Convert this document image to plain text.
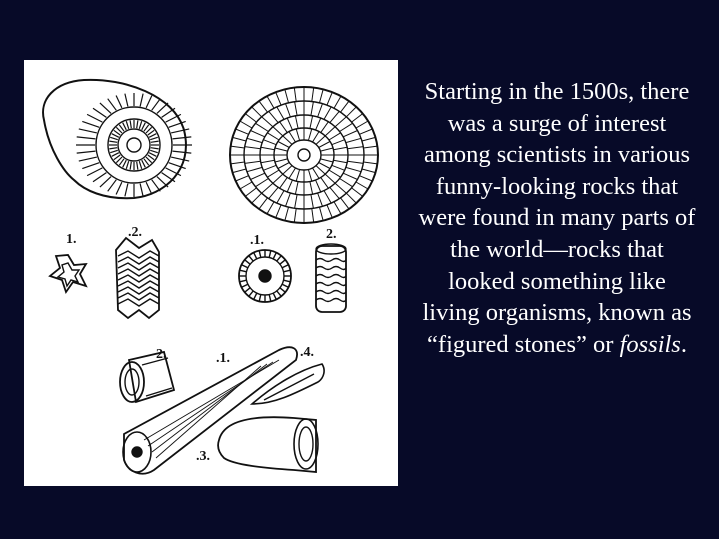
1.	.2.
.1.	2.
2.	.1.	.4.
.3.

Starting in the 1500s, there was a surge of interest among scientists in various funny-looking rocks that were found in many parts of the world—rocks that looked something like living organisms, known as “figured stones” or fossils.
